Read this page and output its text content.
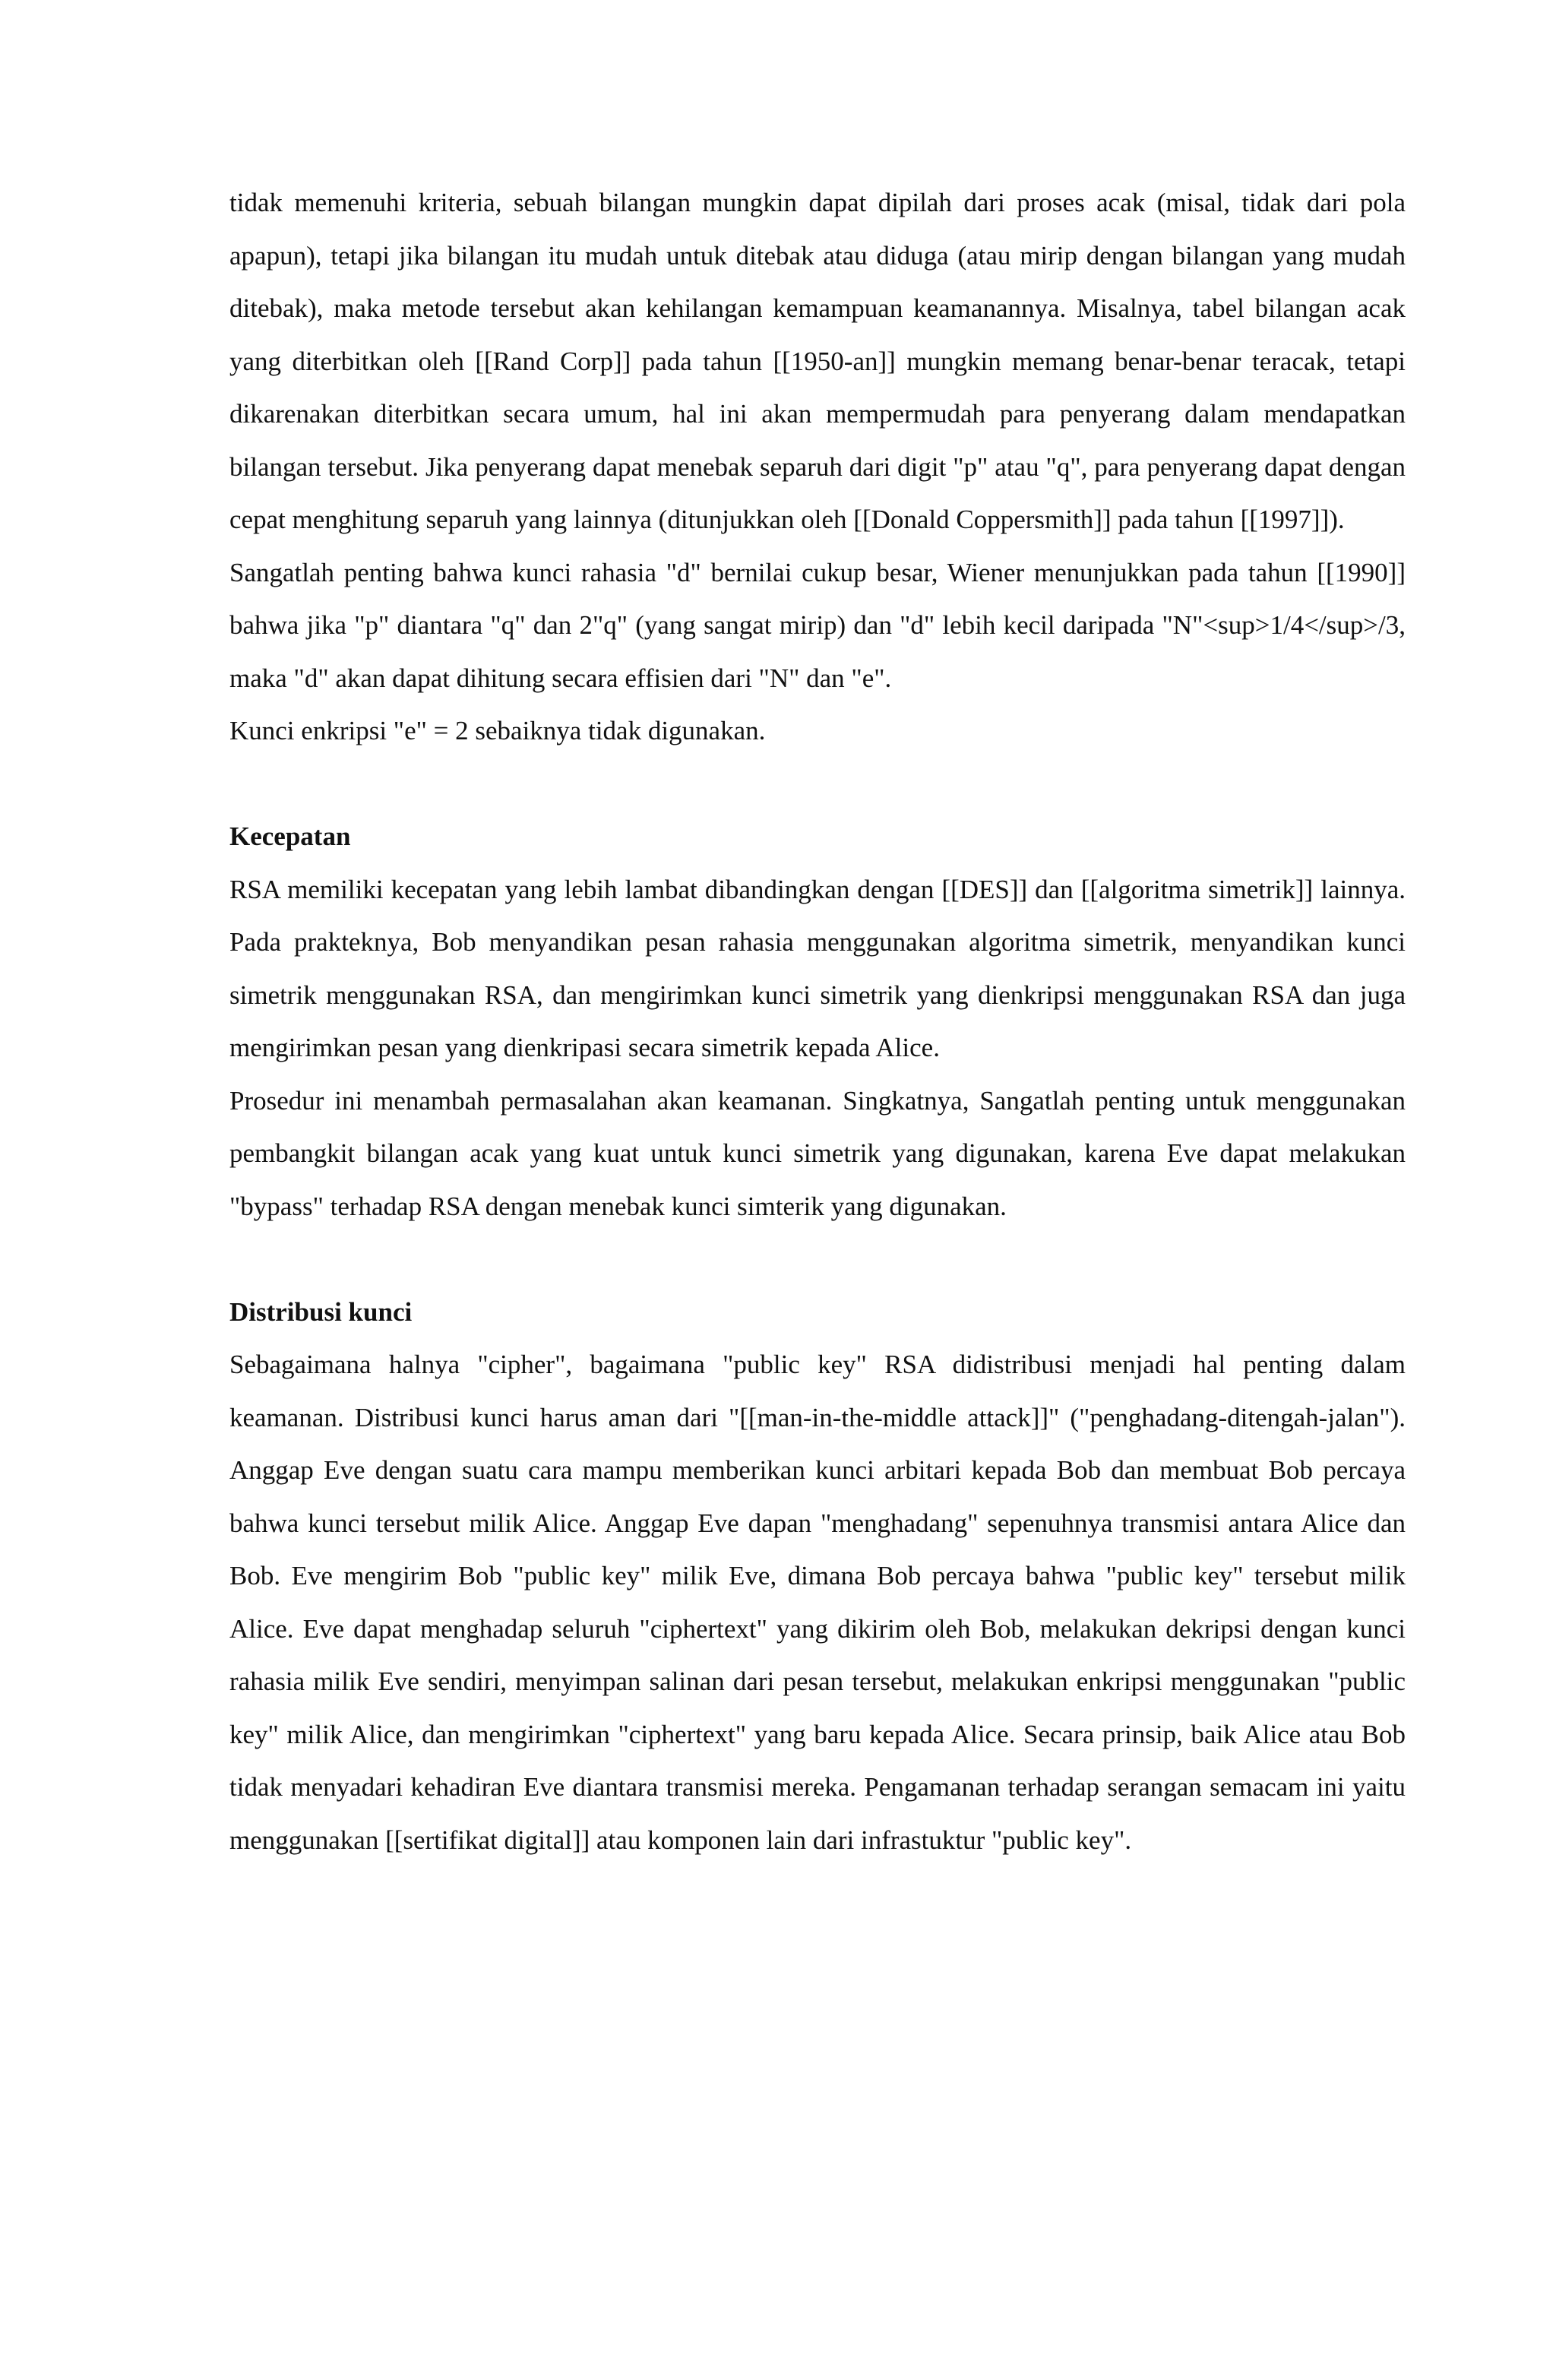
tidak memenuhi kriteria, sebuah bilangan mungkin dapat dipilah dari proses acak (misal, tidak dari pola apapun), tetapi jika bilangan itu mudah untuk ditebak atau diduga (atau mirip dengan bilangan yang mudah ditebak), maka metode tersebut akan kehilangan kemampuan keamanannya. Misalnya, tabel bilangan acak yang diterbitkan oleh [[Rand Corp]] pada tahun [[1950-an]] mungkin memang benar-benar teracak, tetapi dikarenakan diterbitkan secara umum, hal ini akan mempermudah para penyerang dalam mendapatkan bilangan tersebut. Jika penyerang dapat menebak separuh dari digit "p" atau "q", para penyerang dapat dengan cepat menghitung separuh yang lainnya (ditunjukkan oleh [[Donald Coppersmith]] pada tahun [[1997]]).

Sangatlah penting bahwa kunci rahasia "d" bernilai cukup besar, Wiener menunjukkan pada tahun [[1990]] bahwa jika "p" diantara "q" dan 2"q" (yang sangat mirip) dan "d" lebih kecil daripada "N"<sup>1/4</sup>/3, maka "d" akan dapat dihitung secara effisien dari "N" dan "e".

Kunci enkripsi "e" = 2 sebaiknya tidak digunakan.

Kecepatan

RSA memiliki kecepatan yang lebih lambat dibandingkan dengan [[DES]] dan [[algoritma simetrik]] lainnya. Pada prakteknya, Bob menyandikan pesan rahasia menggunakan algoritma simetrik, menyandikan kunci simetrik menggunakan RSA, dan mengirimkan kunci simetrik yang dienkripsi menggunakan RSA dan juga mengirimkan pesan yang dienkripasi secara simetrik kepada Alice.

Prosedur ini menambah permasalahan akan keamanan. Singkatnya, Sangatlah penting untuk menggunakan pembangkit bilangan acak yang kuat untuk kunci simetrik yang digunakan, karena Eve dapat melakukan "bypass" terhadap RSA dengan menebak kunci simterik yang digunakan.

Distribusi kunci

Sebagaimana halnya "cipher", bagaimana "public key" RSA didistribusi menjadi hal penting dalam keamanan. Distribusi kunci harus aman dari "[[man-in-the-middle attack]]" ("penghadang-ditengah-jalan"). Anggap Eve dengan suatu cara mampu memberikan kunci arbitari kepada Bob dan membuat Bob percaya bahwa kunci tersebut milik Alice. Anggap Eve dapan "menghadang" sepenuhnya transmisi antara Alice dan Bob. Eve mengirim Bob "public key" milik Eve, dimana Bob percaya bahwa "public key" tersebut milik Alice. Eve dapat menghadap seluruh "ciphertext" yang dikirim oleh Bob, melakukan dekripsi dengan kunci rahasia milik Eve sendiri, menyimpan salinan dari pesan tersebut, melakukan enkripsi menggunakan "public key" milik Alice, dan mengirimkan "ciphertext" yang baru kepada Alice. Secara prinsip, baik Alice atau Bob tidak menyadari kehadiran Eve diantara transmisi mereka. Pengamanan terhadap serangan semacam ini yaitu menggunakan [[sertifikat digital]] atau komponen lain dari infrastuktur "public key".
